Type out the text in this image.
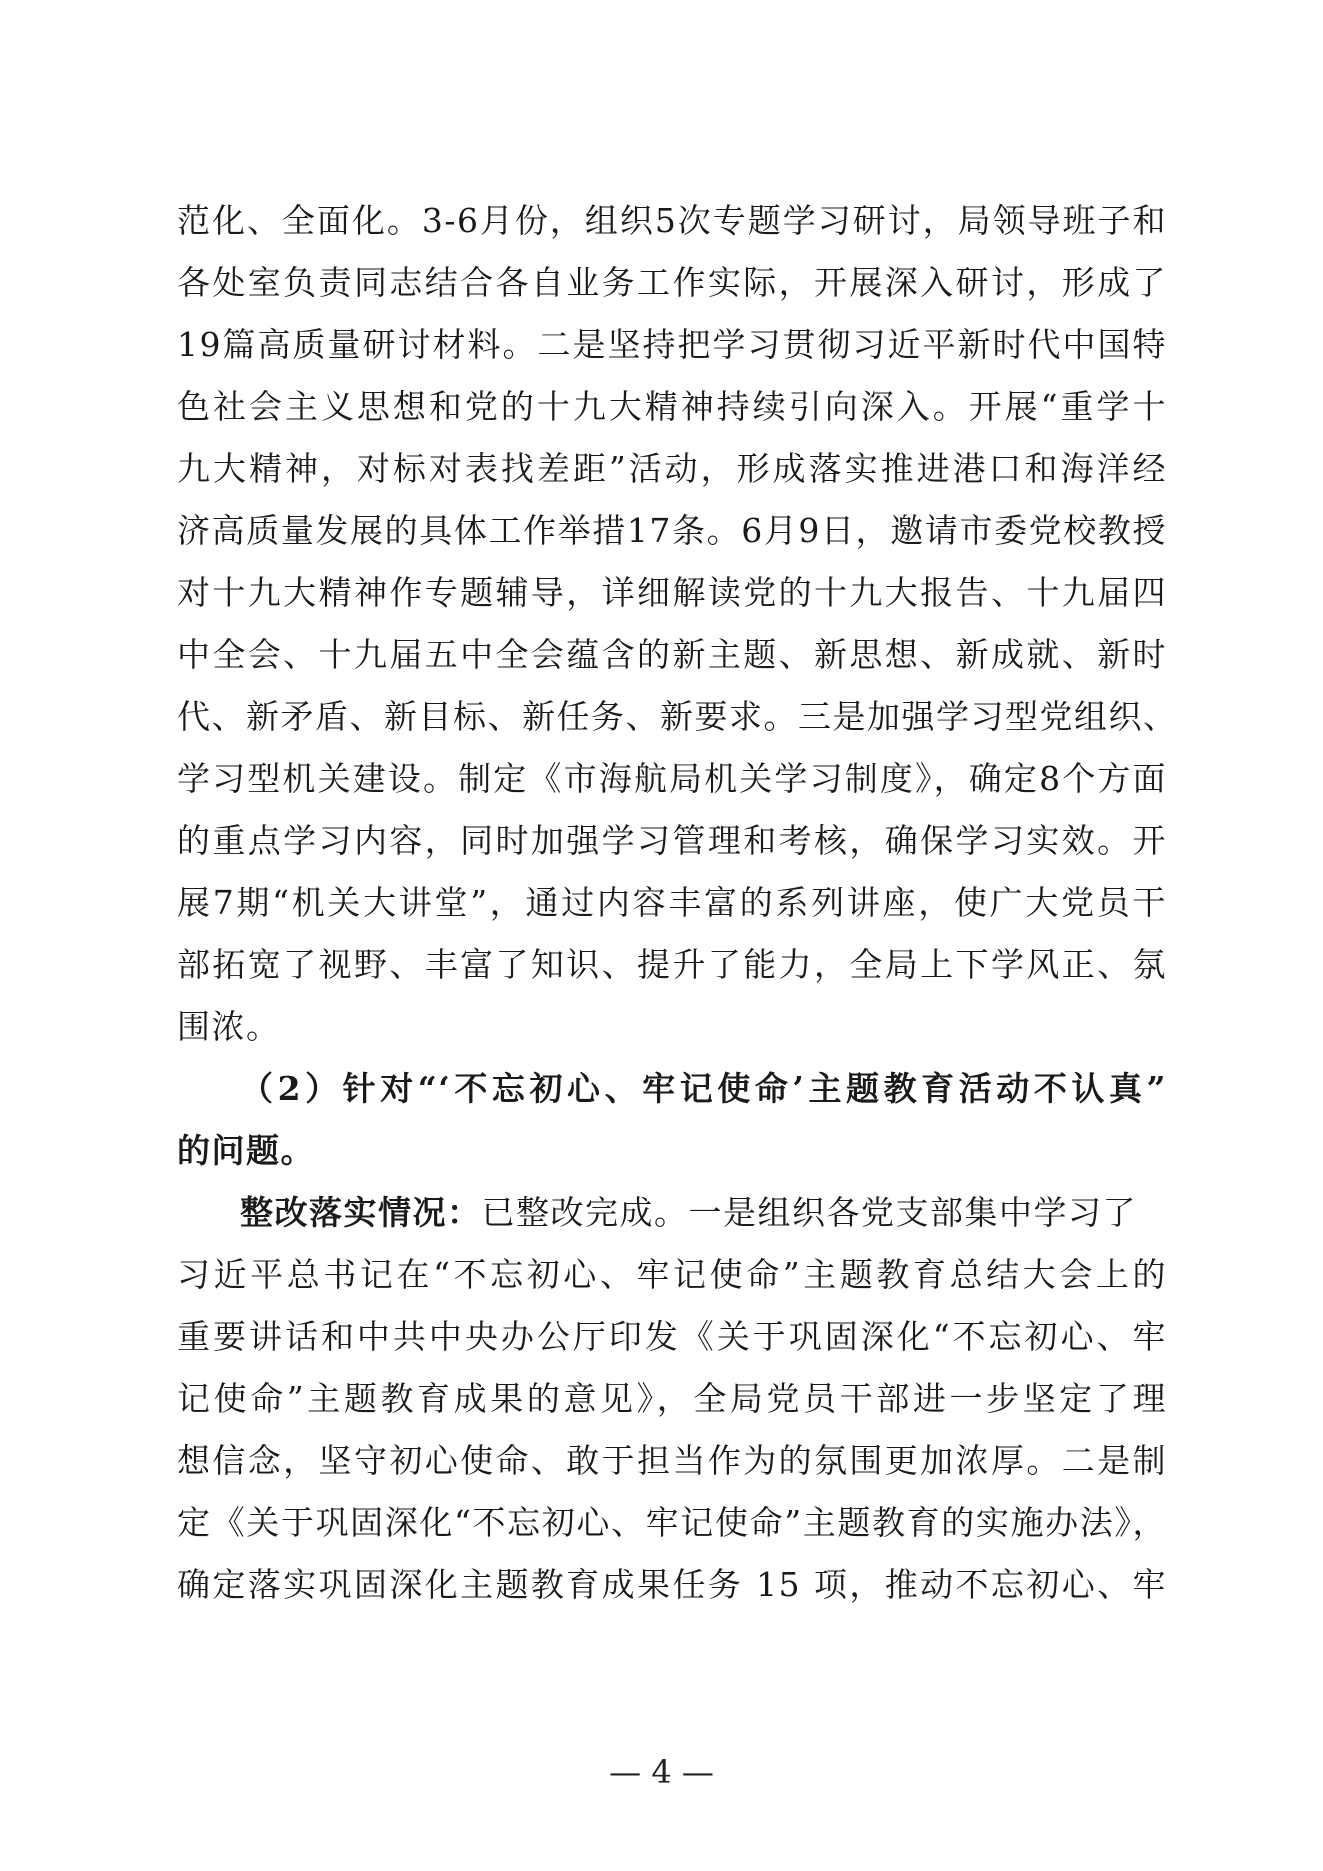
范化、全面化。3-6月份，组织5次专题学习研讨，局领导班子和
各处室负责同志结合各自业务工作实际，开展深入研讨，形成了
19篇高质量研讨材料。二是坚持把学习贯彻习近平新时代中国特
色社会主义思想和党的十九大精神持续引向深入。开展“重学十
九大精神，对标对表找差距”活动，形成落实推进港口和海洋经
济高质量发展的具体工作举措17条。6月9日，邀请市委党校教授
对十九大精神作专题辅导，详细解读党的十九大报告、十九届四
中全会、十九届五中全会蕴含的新主题、新思想、新成就、新时
代、新矛盾、新目标、新任务、新要求。三是加强学习型党组织、
学习型机关建设。制定《市海航局机关学习制度》，确定8个方面
的重点学习内容，同时加强学习管理和考核，确保学习实效。开
展7期“机关大讲堂”，通过内容丰富的系列讲座，使广大党员干
部拓宽了视野、丰富了知识、提升了能力，全局上下学风正、氛
围浓。
（2）针对“‘不忘初心、牢记使命’主题教育活动不认真”
的问题。
整改落实情况：已整改完成。一是组织各党支部集中学习了
习近平总书记在“不忘初心、牢记使命”主题教育总结大会上的
重要讲话和中共中央办公厅印发《关于巩固深化“不忘初心、牢
记使命”主题教育成果的意见》，全局党员干部进一步坚定了理
想信念，坚守初心使命、敢于担当作为的氛围更加浓厚。二是制
定《关于巩固深化“不忘初心、牢记使命”主题教育的实施办法》，
确定落实巩固深化主题教育成果任务 15 项，推动不忘初心、牢
— 4 —
